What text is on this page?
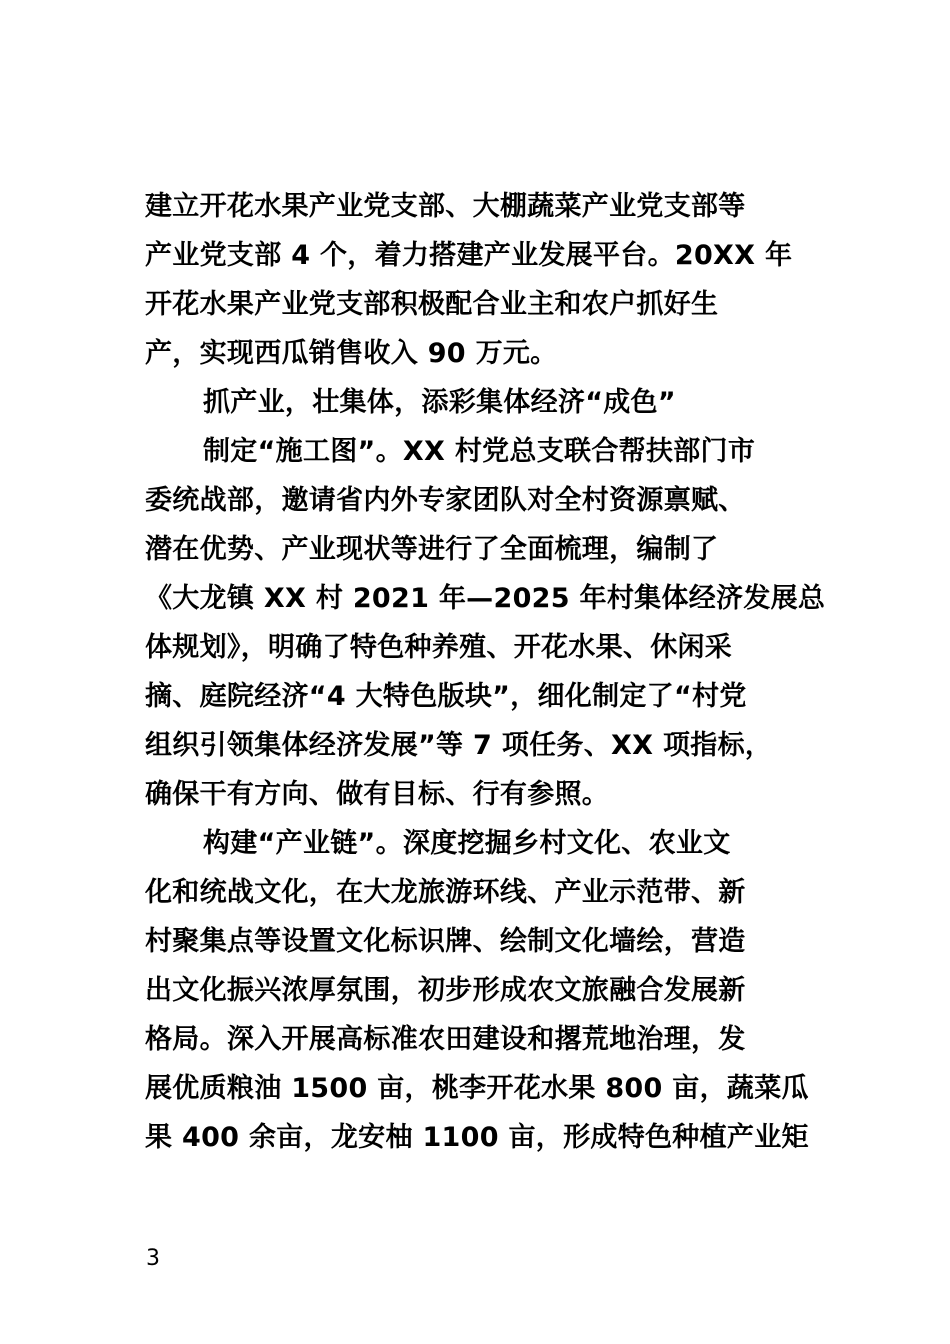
建立开花水果产业党支部、大棚蔬菜产业党支部等
产业党支部 4 个，着力搭建产业发展平台。20XX 年
开花水果产业党支部积极配合业主和农户抓好生
产，实现西瓜销售收入 90 万元。
抓产业，壮集体，添彩集体经济“成色”
制定“施工图”。XX 村党总支联合帮扶部门市
委统战部，邀请省内外专家团队对全村资源禀赋、
潜在优势、产业现状等进行了全面梳理，编制了
《大龙镇 XX 村 2021 年—2025 年村集体经济发展总
体规划》，明确了特色种养殖、开花水果、休闲采
摘、庭院经济“4 大特色版块”，细化制定了“村党
组织引领集体经济发展”等 7 项任务、XX 项指标，
确保干有方向、做有目标、行有参照。
构建“产业链”。深度挖掘乡村文化、农业文
化和统战文化，在大龙旅游环线、产业示范带、新
村聚集点等设置文化标识牌、绘制文化墙绘，营造
出文化振兴浓厚氛围，初步形成农文旅融合发展新
格局。深入开展高标准农田建设和撂荒地治理，发
展优质粮油 1500 亩，桃李开花水果 800 亩，蔬菜瓜
果 400 余亩，龙安柚 1100 亩，形成特色种植产业矩
3
